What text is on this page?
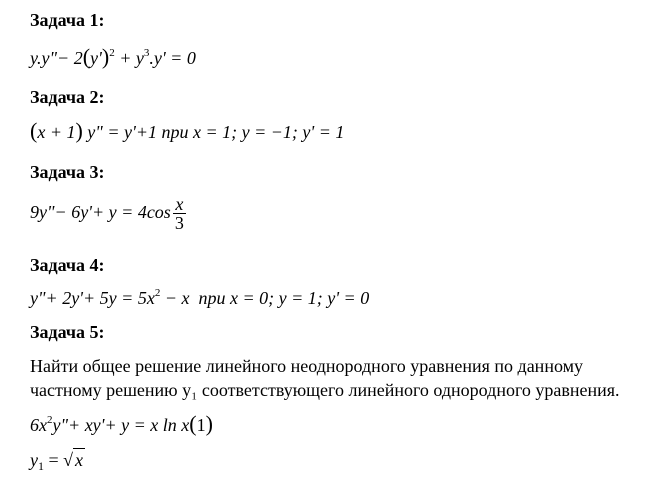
Задача 1:
y.y"− $2(y')^2 + y^3.y' = 0$
Задача 2:
(x + 1) y" = y'+1 при x = 1; y = −1; y' = 1
Задача 3:
9y"− $6y'+ y = 4\cos \frac{x}{3}$
Задача 4:
y"+ $2y'+ 5y = 5x^2 - x$ при x = 0; y = 1; y' = 0
Задача 5:
Найти общее решение линейного неоднородного уравнения по данному частному решению y₁ соответствующего линейного однородного уравнения.
$6x^2y"+ xy'+ y = x$ ln x(1)
$y_1$ = √ x
